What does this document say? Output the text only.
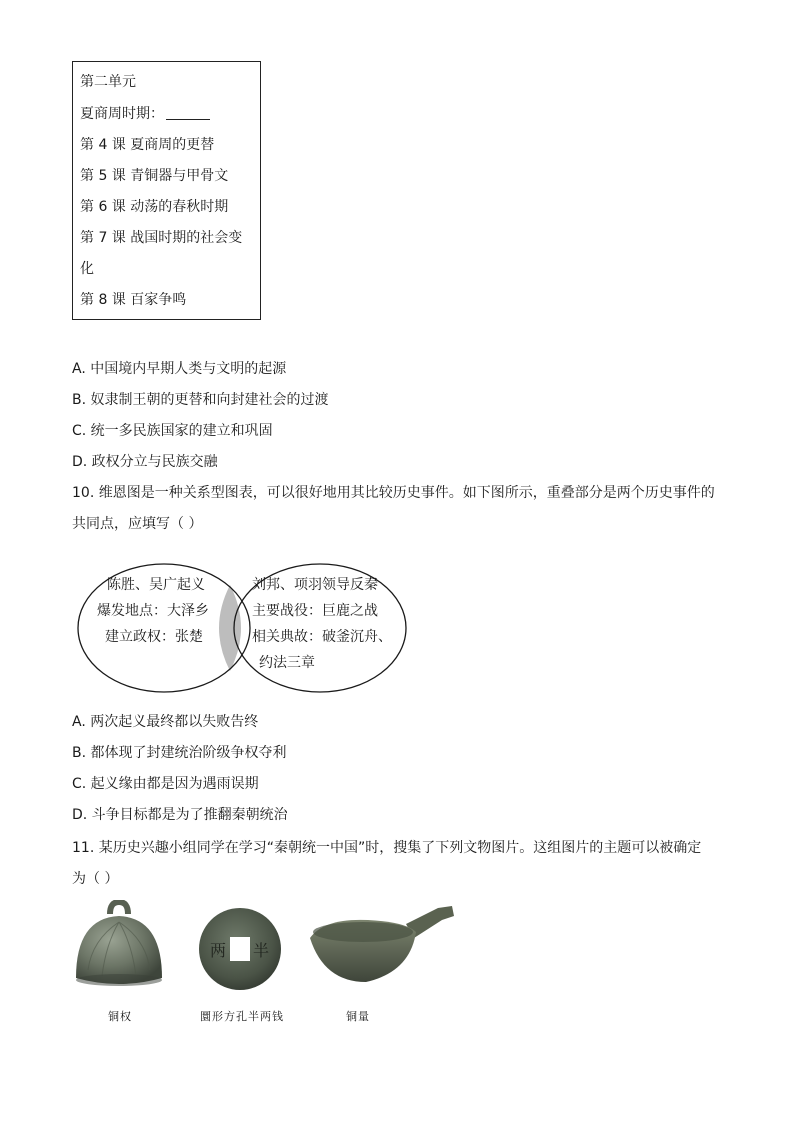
第二单元
夏商周时期：
第 4 课 夏商周的更替
第 5 课 青铜器与甲骨文
第 6 课 动荡的春秋时期
第 7 课 战国时期的社会变
化
第 8 课 百家争鸣
A. 中国境内早期人类与文明的起源
B. 奴隶制王朝的更替和向封建社会的过渡
C. 统一多民族国家的建立和巩固
D. 政权分立与民族交融
10. 维恩图是一种关系型图表，可以很好地用其比较历史事件。如下图所示，重叠部分是两个历史事件的
共同点，应填写（ ）
陈胜、吴广起义
爆发地点：大泽乡
建立政权：张楚
刘邦、项羽领导反秦
主要战役：巨鹿之战
相关典故：破釜沉舟、
约法三章
A. 两次起义最终都以失败告终
B. 都体现了封建统治阶级争权夺利
C. 起义缘由都是因为遇雨误期
D. 斗争目标都是为了推翻秦朝统治
11. 某历史兴趣小组同学在学习“秦朝统一中国”时，搜集了下列文物图片。这组图片的主题可以被确定
为（ ）
铜权
两 半
圜形方孔半两钱	铜量
